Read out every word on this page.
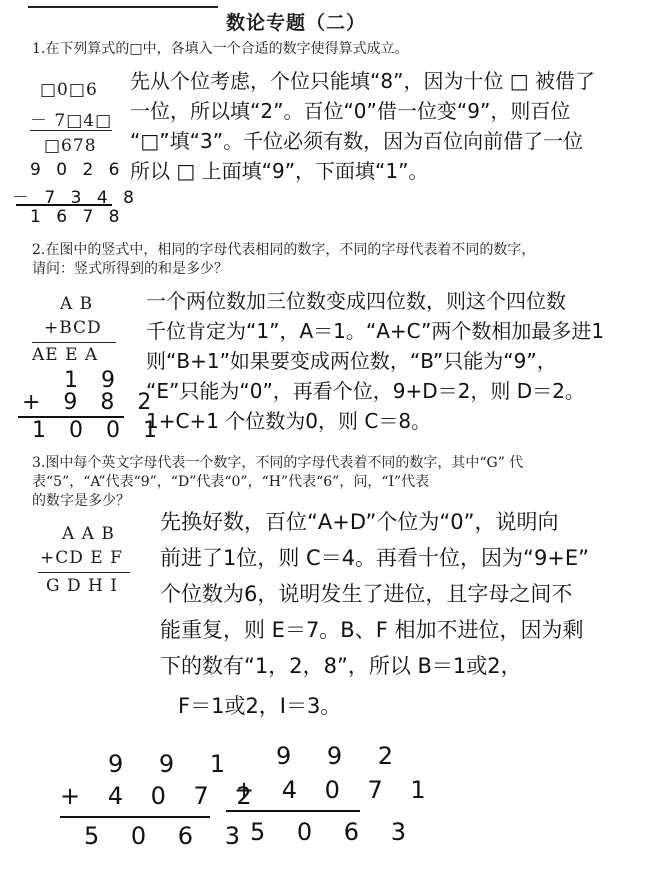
数论专题（二）
1.在下列算式的□中，各填入一个合适的数字使得算式成立。
□0□6
－ 7□4□
□678
9 0 2 6
－ 7 3 4 8
1 6 7 8
先从个位考虑，个位只能填“8”，因为十位 □ 被借了
一位，所以填“2”。百位“0”借一位变“9”，则百位
“□”填“3”。千位必须有数，因为百位向前借了一位
所以 □ 上面填“9”，下面填“1”。
2.在图中的竖式中，相同的字母代表相同的数字，不同的字母代表着不同的数字，
请问：竖式所得到的和是多少？
A B
+BCD
AE E A
1 9
+ 9 8 2
1 0 0 1
一个两位数加三位数变成四位数，则这个四位数
千位肯定为“1”，A＝1。“A+C”两个数相加最多进1
则“B+1”如果要变成两位数，“B”只能为“9”，
“E”只能为“0”，再看个位，9+D＝2，则 D＝2。
1+C+1 个位数为0，则 C＝8。
3.图中每个英文字母代表一个数字，不同的字母代表着不同的数字，其中“G” 代
表“5”，“A”代表“9”，“D”代表“0”，“H”代表“6”，问，“I”代表
的数字是多少？
A A B
+CD E F
G D H I
先换好数，百位“A+D”个位为“0”，说明向
前进了1位，则 C＝4。再看十位，因为“9+E”
个位数为6，说明发生了进位，且字母之间不
能重复，则 E＝7。B、F 相加不进位，因为剩
下的数有“1，2，8”，所以 B＝1或2，
F＝1或2，I＝3。
9 9 1
+ 4 0 7 2
5 0 6 3
9 9 2
+ 4 0 7 1
5 0 6 3
